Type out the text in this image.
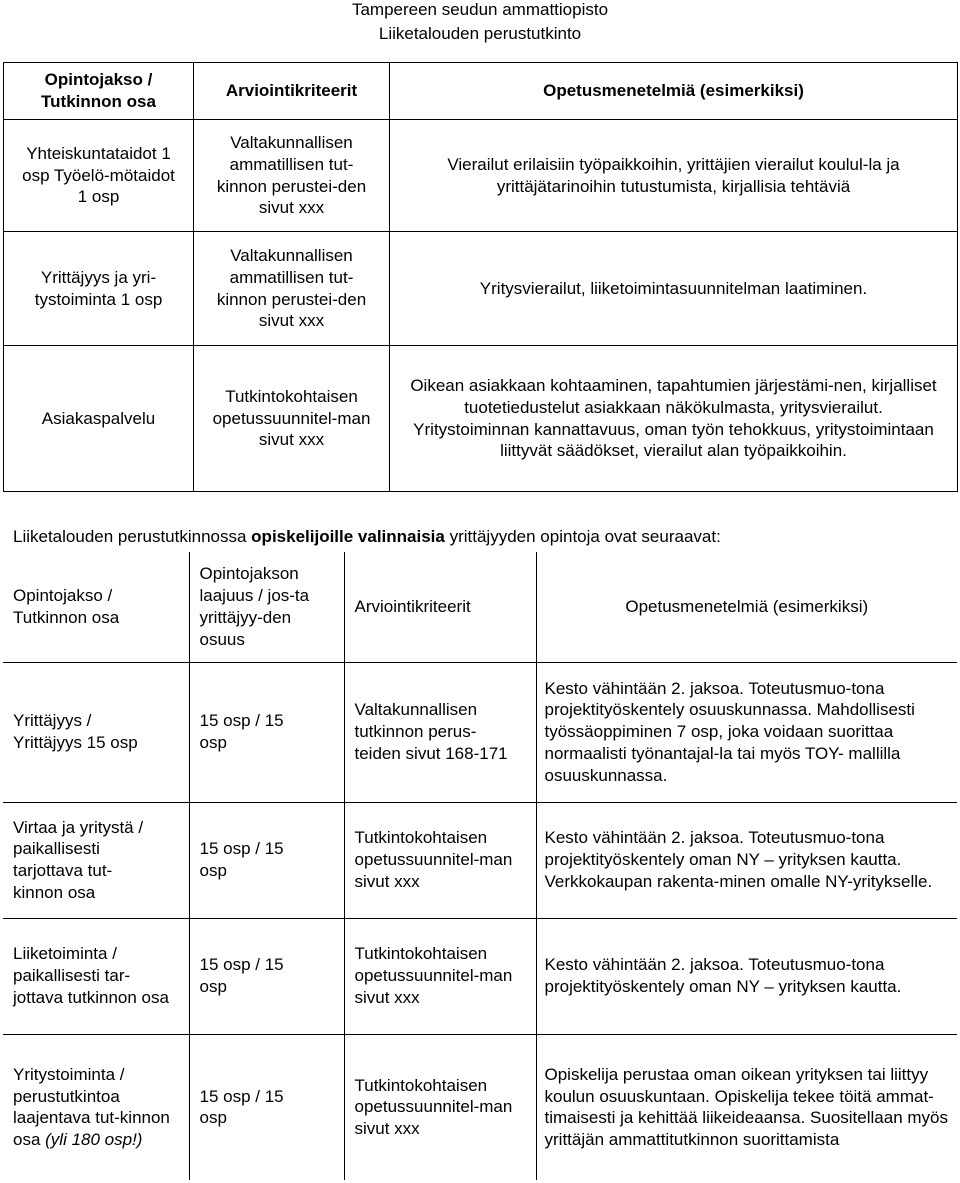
Tampereen seudun ammattiopisto
Liiketalouden perustutkinto
Opintojakso / Tutkinnon osa	Arviointikriteerit	Opetusmenetelmiä (esimerkiksi)
Yhteiskuntataidot 1 osp Työelö-mötaidot 1 osp	Valtakunnallisen ammatillisen tut-kinnon perustei-den sivut xxx	Vierailut erilaisiin työpaikkoihin, yrittäjien vierailut koulul-la ja yrittäjätarinoihin tutustumista, kirjallisia tehtäviä
Yrittäjyys ja yri-tystoiminta 1 osp	Valtakunnallisen ammatillisen tut-kinnon perustei-den sivut xxx	Yritysvierailut, liiketoimintasuunnitelman laatiminen.
Asiakaspalvelu	Tutkintokohtaisen opetussuunnitel-man sivut xxx	Oikean asiakkaan kohtaaminen, tapahtumien järjestämi-nen, kirjalliset tuotetiedustelut asiakkaan näkökulmasta, yritysvierailut. Yritystoiminnan kannattavuus, oman työn tehokkuus, yritystoimintaan liittyvät säädökset, vierailut alan työpaikkoihin.
Liiketalouden perustutkinnossa opiskelijoille valinnaisia yrittäjyyden opintoja ovat seuraavat:
Opintojakso / Tutkinnon osa	Opintojakson laajuus / jos-ta yrittäjyy-den osuus	Arviointikriteerit	Opetusmenetelmiä (esimerkiksi)
Yrittäjyys / Yrittäjyys 15 osp	15 osp / 15 osp	Valtakunnallisen tutkinnon perus-teiden sivut 168-171	Kesto vähintään 2. jaksoa. Toteutusmuo-tona projektityöskentely osuuskunnassa. Mahdollisesti työssäoppiminen 7 osp, joka voidaan suorittaa normaalisti työnantajal-la tai myös TOY- mallilla osuuskunnassa.
Virtaa ja yritystä / paikallisesti tarjottava tut-kinnon osa	15 osp / 15 osp	Tutkintokohtaisen opetussuunnitel-man sivut xxx	Kesto vähintään 2. jaksoa. Toteutusmuo-tona projektityöskentely oman NY – yrityksen kautta. Verkkokaupan rakenta-minen omalle NY-yritykselle.
Liiketoiminta / paikallisesti tar-jottava tutkinnon osa	15 osp / 15 osp	Tutkintokohtaisen opetussuunnitel-man sivut xxx	Kesto vähintään 2. jaksoa. Toteutusmuo-tona projektityöskentely oman NY – yrityksen kautta.
Yritystoiminta / perustutkintoa laajentava tut-kinnon osa (yli 180 osp!)	15 osp / 15 osp	Tutkintokohtaisen opetussuunnitel-man sivut xxx	Opiskelija perustaa oman oikean yrityksen tai liittyy koulun osuuskuntaan. Opiskelija tekee töitä ammat-timaisesti ja kehittää liikeideaansa. Suositellaan myös yrittäjän ammattitutkinnon suorittamista
